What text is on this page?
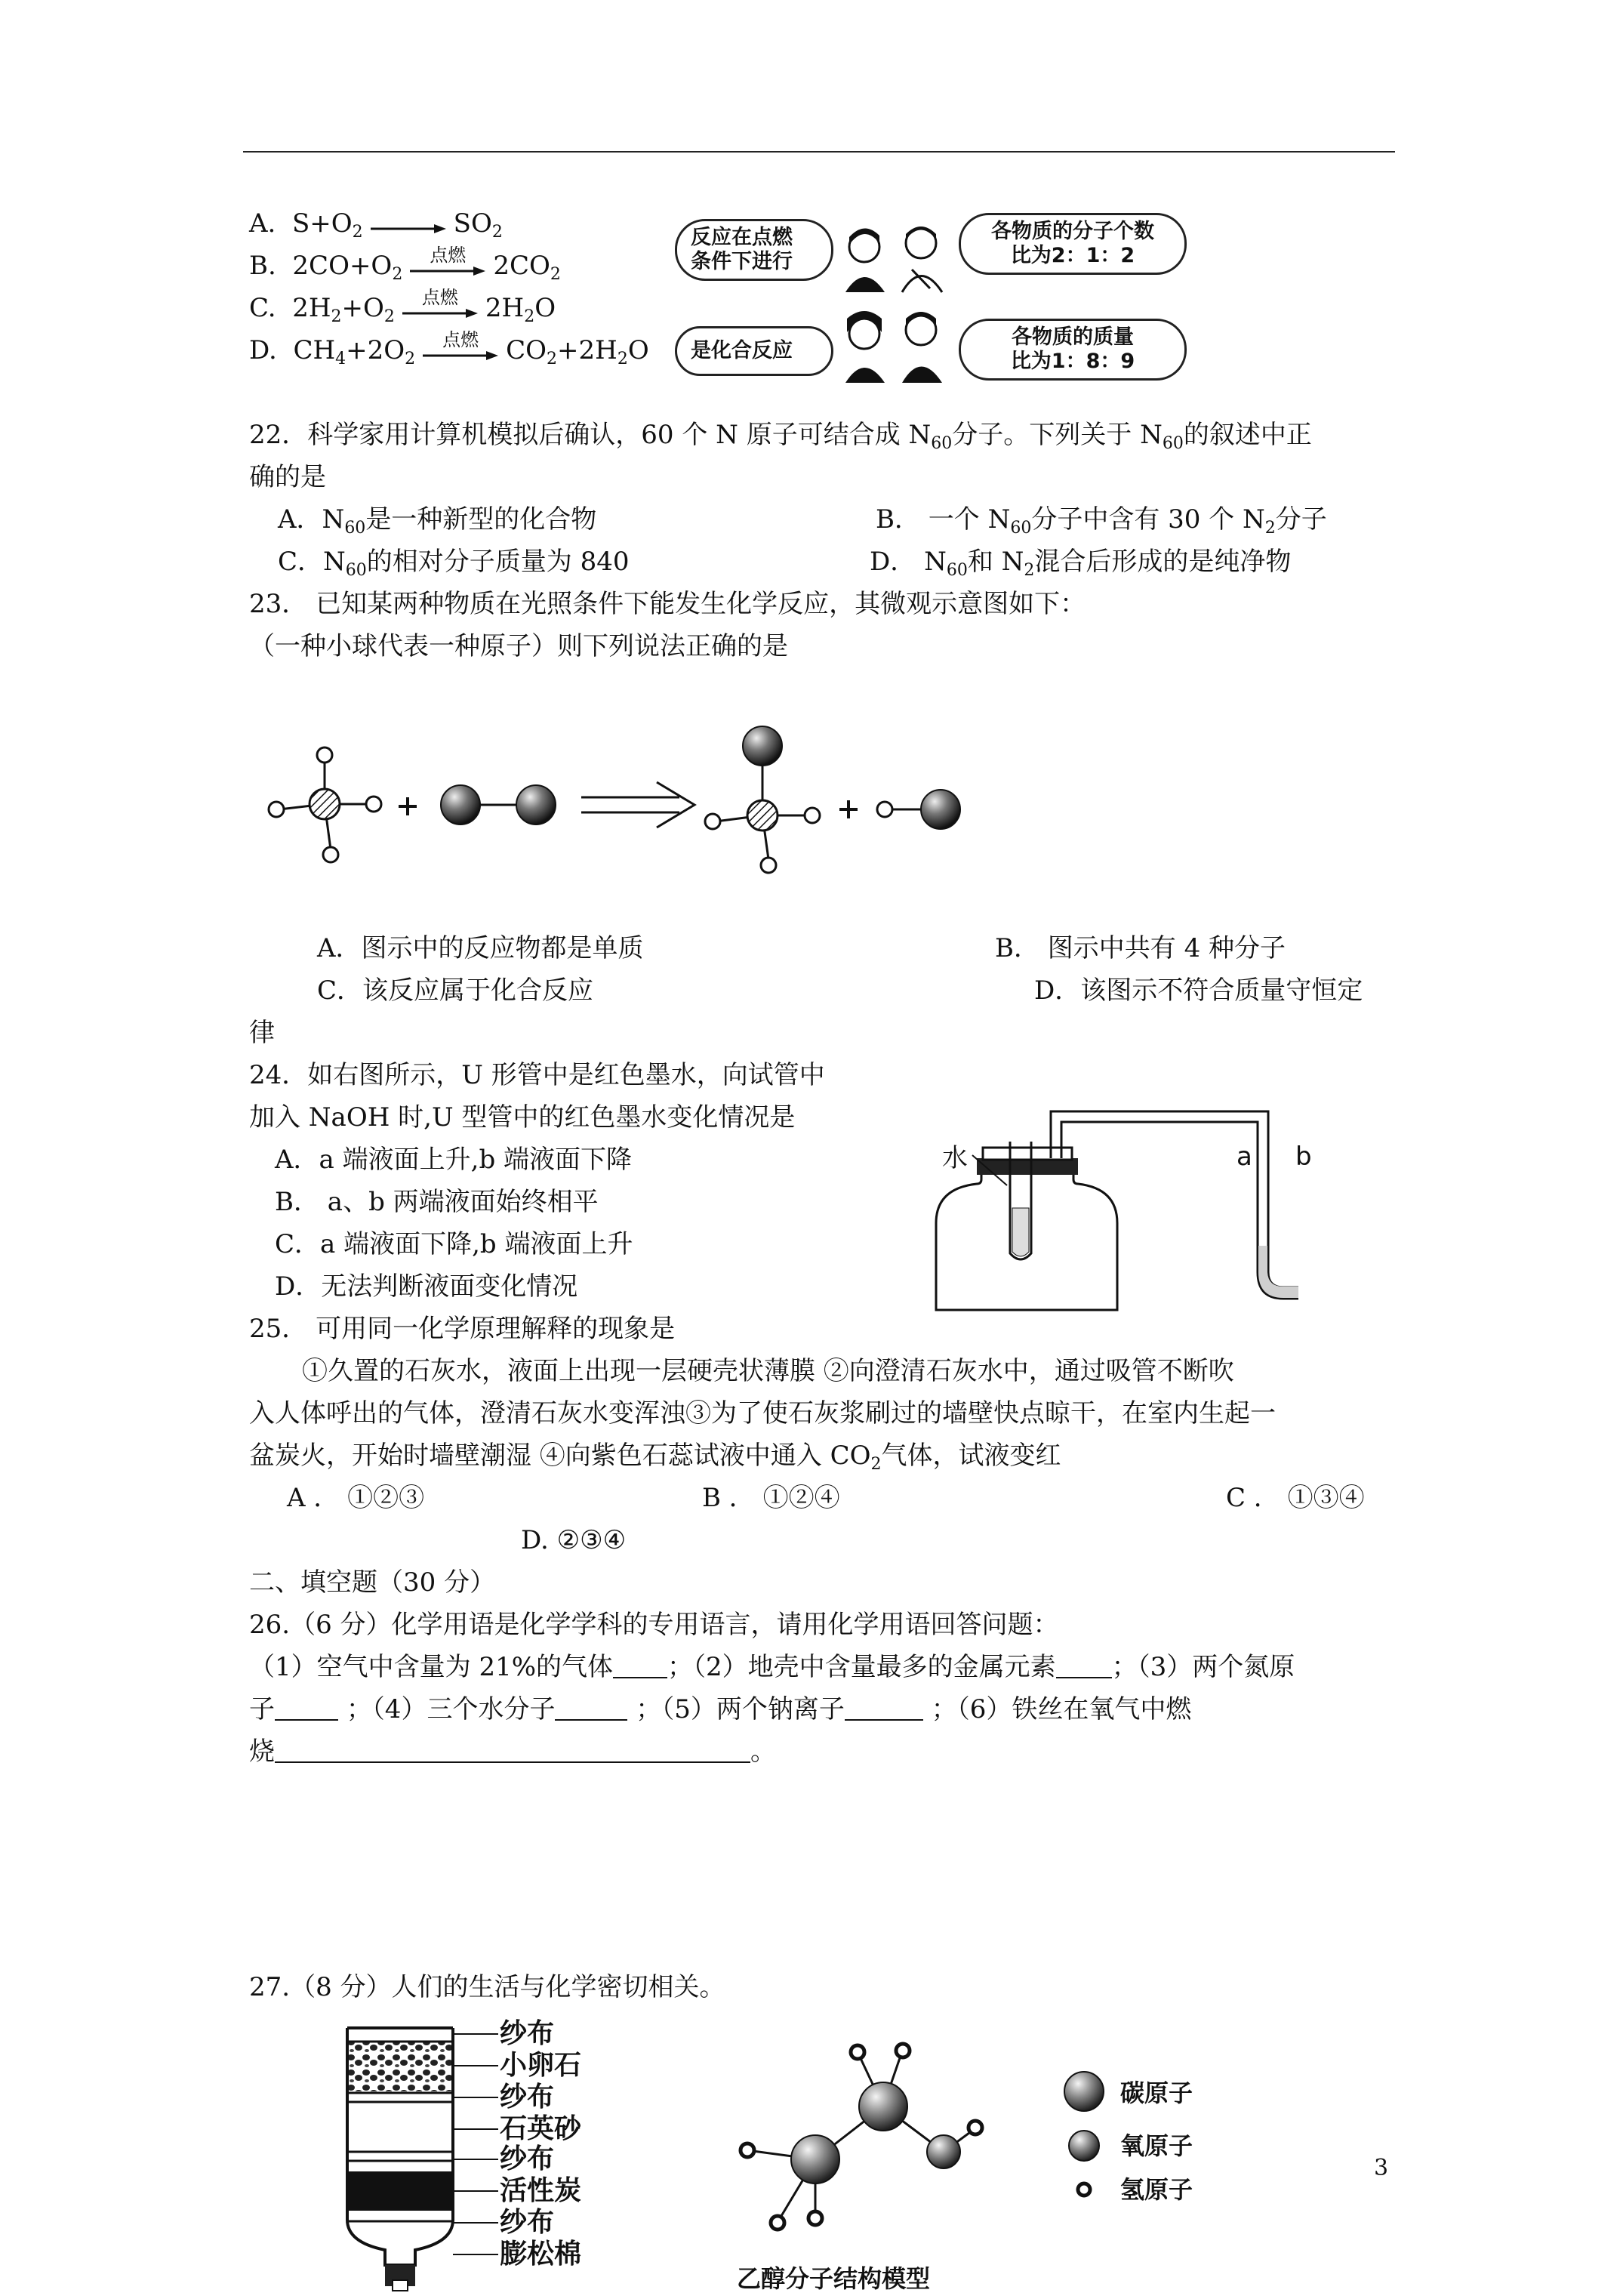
A. $S+O_2 \to SO_2$
B. $2CO+O_2$
点燃	$2CO_2$
C. $2H_2+O_2$
点燃	$2H_2O$
D. $CH_4+2O_2$
点燃	$CO_2+2H_2O$
反应在点燃
条件下进行
各物质的分子个数
比为2：1：2
是化合反应
各物质的质量
比为1：8：9
22．科学家用计算机模拟后确认，60 个 N 原子可结合成 $N_{60}$分子。下列关于 $N_{60}$的叙述中正
确的是
A．$N_{60}$是一种新型的化合物	B． 一个 $N_{60}$分子中含有 30 个 $N_2$分子
C．$N_{60}$的相对分子质量为 840	D． $N_{60}$和 $N_2$混合后形成的是纯净物
23． 已知某两种物质在光照条件下能发生化学反应，其微观示意图如下：
（一种小球代表一种原子）则下列说法正确的是
A．图示中的反应物都是单质	B． 图示中共有 4 种分子
C．该反应属于化合反应	D．该图示不符合质量守恒定
律
24．如右图所示，U 形管中是红色墨水，向试管中
加入 NaOH 时,U 型管中的红色墨水变化情况是
A．a 端液面上升,b 端液面下降
B． a、b 两端液面始终相平
C．a 端液面下降,b 端液面上升
D．无法判断液面变化情况
水	a b
25． 可用同一化学原理解释的现象是
①久置的石灰水，液面上出现一层硬壳状薄膜 ②向澄清石灰水中，通过吸管不断吹
入人体呼出的气体，澄清石灰水变浑浊③为了使石灰浆刷过的墙壁快点晾干，在室内生起一
盆炭火，开始时墙壁潮湿 ④向紫色石蕊试液中通入 $CO_2$气体，试液变红
A ． ①②③	B ． ①②④	C ． ①③④
D. ②③④
二、填空题（30 分）
26.（6 分）化学用语是化学学科的专用语言，请用化学用语回答问题：
（1）空气中含量为 21%的气体 ；（2）地壳中含量最多的金属元素 ；（3）两个氮原
子	；（4）三个水分子	；（5）两个钠离子	；（6）铁丝在氧气中燃
烧	。
27.（8 分）人们的生活与化学密切相关。
纱布
小卵石
纱布
石英砂
纱布
活性炭
纱布
膨松棉
乙醇分子结构模型
碳原子
氧原子
氢原子
3
